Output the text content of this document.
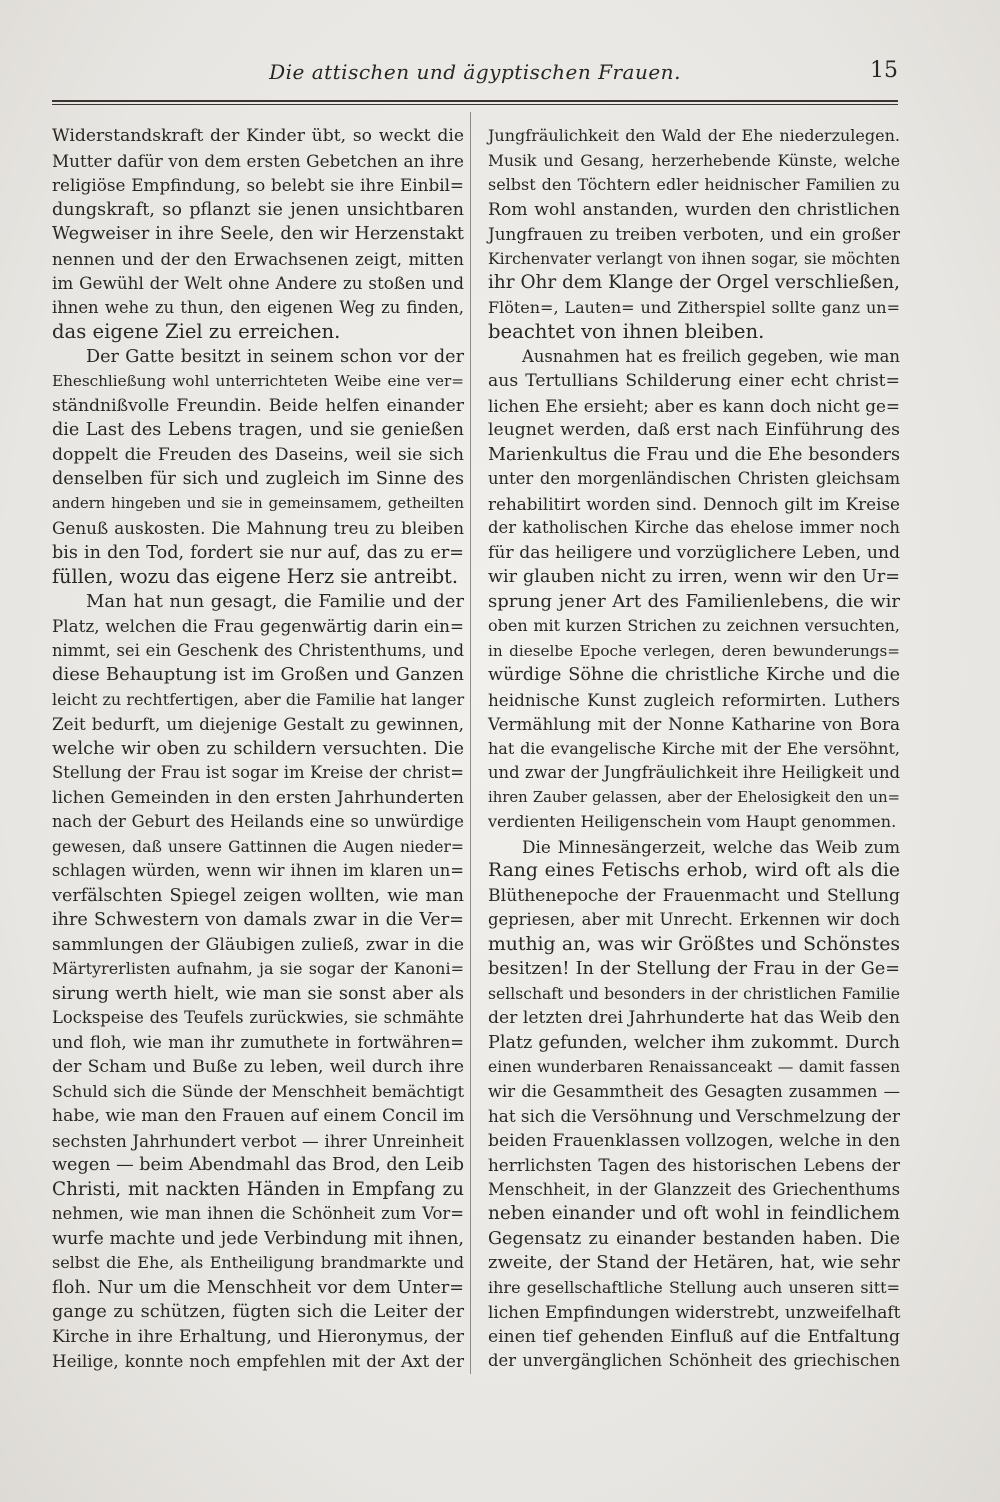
Die attischen und ägyptischen Frauen.	15
Widerstandskraft der Kinder übt, so weckt die
Mutter dafür von dem ersten Gebetchen an ihre
religiöse Empfindung, so belebt sie ihre Einbil=
dungskraft, so pflanzt sie jenen unsichtbaren
Wegweiser in ihre Seele, den wir Herzenstakt
nennen und der den Erwachsenen zeigt, mitten
im Gewühl der Welt ohne Andere zu stoßen und
ihnen wehe zu thun, den eigenen Weg zu finden,
das eigene Ziel zu erreichen.
Der Gatte besitzt in seinem schon vor der
Eheschließung wohl unterrichteten Weibe eine ver=
ständnißvolle Freundin. Beide helfen einander
die Last des Lebens tragen, und sie genießen
doppelt die Freuden des Daseins, weil sie sich
denselben für sich und zugleich im Sinne des
andern hingeben und sie in gemeinsamem, getheilten
Genuß auskosten. Die Mahnung treu zu bleiben
bis in den Tod, fordert sie nur auf, das zu er=
füllen, wozu das eigene Herz sie antreibt.
Man hat nun gesagt, die Familie und der
Platz, welchen die Frau gegenwärtig darin ein=
nimmt, sei ein Geschenk des Christenthums, und
diese Behauptung ist im Großen und Ganzen
leicht zu rechtfertigen, aber die Familie hat langer
Zeit bedurft, um diejenige Gestalt zu gewinnen,
welche wir oben zu schildern versuchten. Die
Stellung der Frau ist sogar im Kreise der christ=
lichen Gemeinden in den ersten Jahrhunderten
nach der Geburt des Heilands eine so unwürdige
gewesen, daß unsere Gattinnen die Augen nieder=
schlagen würden, wenn wir ihnen im klaren un=
verfälschten Spiegel zeigen wollten, wie man
ihre Schwestern von damals zwar in die Ver=
sammlungen der Gläubigen zuließ, zwar in die
Märtyrerlisten aufnahm, ja sie sogar der Kanoni=
sirung werth hielt, wie man sie sonst aber als
Lockspeise des Teufels zurückwies, sie schmähte
und floh, wie man ihr zumuthete in fortwähren=
der Scham und Buße zu leben, weil durch ihre
Schuld sich die Sünde der Menschheit bemächtigt
habe, wie man den Frauen auf einem Concil im
sechsten Jahrhundert verbot — ihrer Unreinheit
wegen — beim Abendmahl das Brod, den Leib
Christi, mit nackten Händen in Empfang zu
nehmen, wie man ihnen die Schönheit zum Vor=
wurfe machte und jede Verbindung mit ihnen,
selbst die Ehe, als Entheiligung brandmarkte und
floh. Nur um die Menschheit vor dem Unter=
gange zu schützen, fügten sich die Leiter der
Kirche in ihre Erhaltung, und Hieronymus, der
Heilige, konnte noch empfehlen mit der Axt der
Jungfräulichkeit den Wald der Ehe niederzulegen.
Musik und Gesang, herzerhebende Künste, welche
selbst den Töchtern edler heidnischer Familien zu
Rom wohl anstanden, wurden den christlichen
Jungfrauen zu treiben verboten, und ein großer
Kirchenvater verlangt von ihnen sogar, sie möchten
ihr Ohr dem Klange der Orgel verschließen,
Flöten=, Lauten= und Zitherspiel sollte ganz un=
beachtet von ihnen bleiben.
Ausnahmen hat es freilich gegeben, wie man
aus Tertullians Schilderung einer echt christ=
lichen Ehe ersieht; aber es kann doch nicht ge=
leugnet werden, daß erst nach Einführung des
Marienkultus die Frau und die Ehe besonders
unter den morgenländischen Christen gleichsam
rehabilitirt worden sind. Dennoch gilt im Kreise
der katholischen Kirche das ehelose immer noch
für das heiligere und vorzüglichere Leben, und
wir glauben nicht zu irren, wenn wir den Ur=
sprung jener Art des Familienlebens, die wir
oben mit kurzen Strichen zu zeichnen versuchten,
in dieselbe Epoche verlegen, deren bewunderungs=
würdige Söhne die christliche Kirche und die
heidnische Kunst zugleich reformirten. Luthers
Vermählung mit der Nonne Katharine von Bora
hat die evangelische Kirche mit der Ehe versöhnt,
und zwar der Jungfräulichkeit ihre Heiligkeit und
ihren Zauber gelassen, aber der Ehelosigkeit den un=
verdienten Heiligenschein vom Haupt genommen.
Die Minnesängerzeit, welche das Weib zum
Rang eines Fetischs erhob, wird oft als die
Blüthenepoche der Frauenmacht und Stellung
gepriesen, aber mit Unrecht. Erkennen wir doch
muthig an, was wir Größtes und Schönstes
besitzen! In der Stellung der Frau in der Ge=
sellschaft und besonders in der christlichen Familie
der letzten drei Jahrhunderte hat das Weib den
Platz gefunden, welcher ihm zukommt. Durch
einen wunderbaren Renaissanceakt — damit fassen
wir die Gesammtheit des Gesagten zusammen —
hat sich die Versöhnung und Verschmelzung der
beiden Frauenklassen vollzogen, welche in den
herrlichsten Tagen des historischen Lebens der
Menschheit, in der Glanzzeit des Griechenthums
neben einander und oft wohl in feindlichem
Gegensatz zu einander bestanden haben. Die
zweite, der Stand der Hetären, hat, wie sehr
ihre gesellschaftliche Stellung auch unseren sitt=
lichen Empfindungen widerstrebt, unzweifelhaft
einen tief gehenden Einfluß auf die Entfaltung
der unvergänglichen Schönheit des griechischen
